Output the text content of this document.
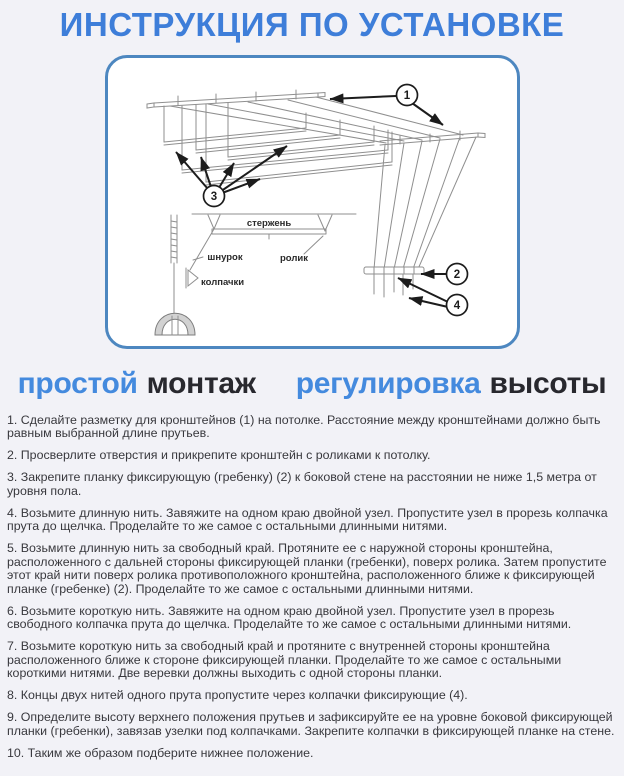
ИНСТРУКЦИЯ ПО УСТАНОВКЕ
стержень
шнурок	ролик
колпачки
1
3
2
4
простой монтаж регулировка высоты

1. Сделайте разметку для кронштейнов (1) на потолке. Расстояние между кронштейнами должно быть равным выбранной длине прутьев.

2. Просверлите отверстия и прикрепите кронштейн с роликами к потолку.

3. Закрепите планку фиксирующую (гребенку) (2) к боковой стене на расстоянии не ниже 1,5 метра от уровня пола.

4. Возьмите длинную нить. Завяжите на одном краю двойной узел. Пропустите узел в прорезь колпачка прута до щелчка. Проделайте то же самое с остальными длинными нитями.

5. Возьмите длинную нить за свободный край. Протяните ее с наружной стороны кронштейна, расположенного с дальней стороны фиксирующей планки (гребенки), поверх ролика. Затем пропустите этот край нити поверх ролика противоположного кронштейна, расположенного ближе к фиксирующей планке (гребенке) (2). Проделайте то же самое с остальными длинными нитями.

6. Возьмите короткую нить. Завяжите на одном краю двойной узел. Пропустите узел в прорезь свободного колпачка прута до щелчка. Проделайте то же самое с остальными длинными нитями.

7. Возьмите короткую нить за свободный край и протяните с внутренней стороны кронштейна расположенного ближе к стороне фиксирующей планки. Проделайте то же самое с остальными короткими нитями. Две веревки должны выходить с одной стороны планки.

8. Концы двух нитей одного прута пропустите через колпачки фиксирующие (4).

9. Определите высоту верхнего положения прутьев и зафиксируйте ее на уровне боковой фиксирующей планки (гребенки), завязав узелки под колпачками. Закрепите колпачки в фиксирующей планке на стене.

10. Таким же образом подберите нижнее положение.
